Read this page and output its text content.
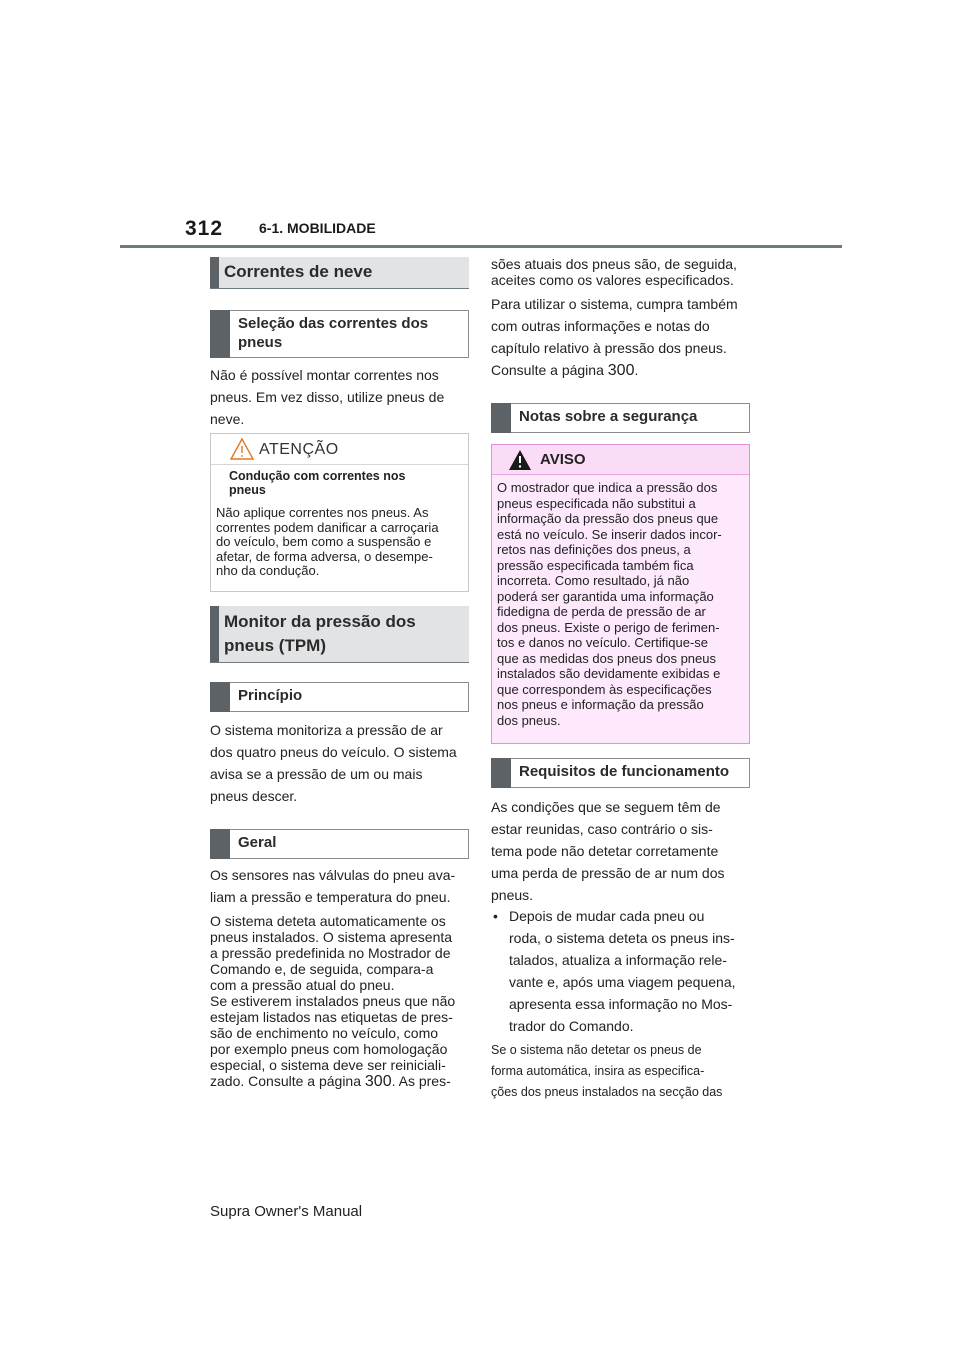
312	6-1. MOBILIDADE
Correntes de neve
Seleção das correntes dos
pneus
Não é possível montar correntes nos
pneus. Em vez disso, utilize pneus de
neve.
ATENÇÃO
Condução com correntes nos
pneus
Não aplique correntes nos pneus. As
correntes podem danificar a carroçaria
do veículo, bem como a suspensão e
afetar, de forma adversa, o desempe-
nho da condução.
Monitor da pressão dos
pneus (TPM)
Princípio
O sistema monitoriza a pressão de ar
dos quatro pneus do veículo. O sistema
avisa se a pressão de um ou mais
pneus descer.
Geral
Os sensores nas válvulas do pneu ava-
liam a pressão e temperatura do pneu.
O sistema deteta automaticamente os
pneus instalados. O sistema apresenta
a pressão predefinida no Mostrador de
Comando e, de seguida, compara-a
com a pressão atual do pneu.
Se estiverem instalados pneus que não
estejam listados nas etiquetas de pres-
são de enchimento no veículo, como
por exemplo pneus com homologação
especial, o sistema deve ser reiniciali-
zado. Consulte a página 300. As pres-
sões atuais dos pneus são, de seguida,
aceites como os valores especificados.
Para utilizar o sistema, cumpra também
com outras informações e notas do
capítulo relativo à pressão dos pneus.
Consulte a página 300.
Notas sobre a segurança
AVISO
O mostrador que indica a pressão dos
pneus especificada não substitui a
informação da pressão dos pneus que
está no veículo. Se inserir dados incor-
retos nas definições dos pneus, a
pressão especificada também fica
incorreta. Como resultado, já não
poderá ser garantida uma informação
fidedigna de perda de pressão de ar
dos pneus. Existe o perigo de ferimen-
tos e danos no veículo. Certifique-se
que as medidas dos pneus dos pneus
instalados são devidamente exibidas e
que correspondem às especificações
nos pneus e informação da pressão
dos pneus.
Requisitos de funcionamento
As condições que se seguem têm de
estar reunidas, caso contrário o sis-
tema pode não detetar corretamente
uma perda de pressão de ar num dos
pneus.
• Depois de mudar cada pneu ou
roda, o sistema deteta os pneus ins-
talados, atualiza a informação rele-
vante e, após uma viagem pequena,
apresenta essa informação no Mos-
trador do Comando.
Se o sistema não detetar os pneus de
forma automática, insira as especifica-
ções dos pneus instalados na secção das
Supra Owner's Manual
